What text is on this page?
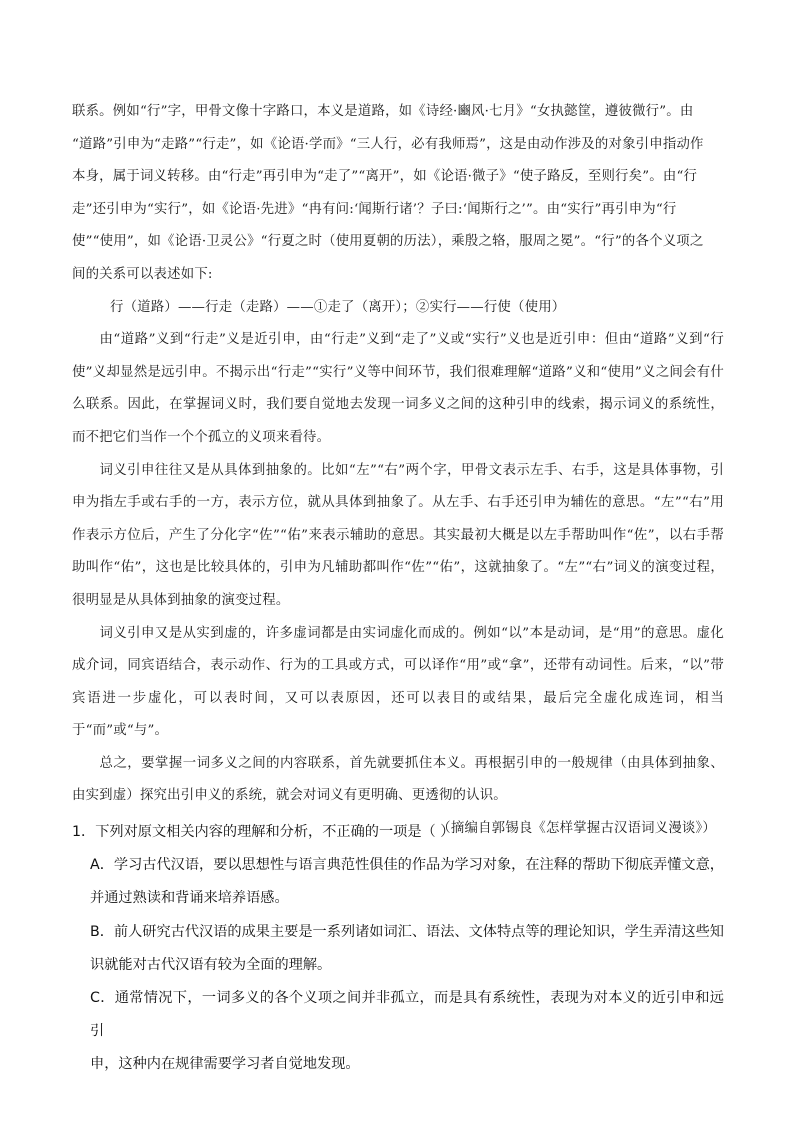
联系。例如“行”字，甲骨文像十字路口，本义是道路，如《诗经·豳风·七月》“女执懿筐，遵彼微行”。由

“道路”引申为“走路”“行走”，如《论语·学而》“三人行，必有我师焉”，这是由动作涉及的对象引申指动作

本身，属于词义转移。由“行走”再引申为“走了”“离开”，如《论语·微子》“使子路反，至则行矣”。由“行

走”还引申为“实行”，如《论语·先进》“冉有问:‘闻斯行诸’？子曰:‘闻斯行之’”。由“实行”再引申为“行

使”“使用”，如《论语·卫灵公》“行夏之时（使用夏朝的历法），乘殷之辂，服周之冕”。“行”的各个义项之

间的关系可以表述如下:

行（道路）——行走（走路）——①走了（离开）；②实行——行使（使用）

由“道路”义到“行走”义是近引申，由“行走”义到“走了”义或“实行”义也是近引申：但由“道路”义到“行使”义却显然是远引申。不揭示出“行走”“实行”义等中间环节，我们很难理解“道路”义和“使用”义之间会有什么联系。因此，在掌握词义时，我们要自觉地去发现一词多义之间的这种引申的线索，揭示词义的系统性，而不把它们当作一个个孤立的义项来看待。

词义引申往往又是从具体到抽象的。比如“左”“右”两个字，甲骨文表示左手、右手，这是具体事物，引申为指左手或右手的一方，表示方位，就从具体到抽象了。从左手、右手还引申为辅佐的意思。“左”“右”用作表示方位后，产生了分化字“佐”“佑”来表示辅助的意思。其实最初大概是以左手帮助叫作“佐”，以右手帮助叫作“佑”，这也是比较具体的，引申为凡辅助都叫作“佐”“佑”，这就抽象了。“左”“右”词义的演变过程，很明显是从具体到抽象的演变过程。

词义引申又是从实到虚的，许多虚词都是由实词虚化而成的。例如“以”本是动词，是“用”的意思。虚化成介词，同宾语结合，表示动作、行为的工具或方式，可以译作“用”或“拿”，还带有动词性。后来，“以”带宾语进一步虚化，可以表时间，又可以表原因，还可以表目的或结果，最后完全虚化成连词，相当于“而”或“与”。

总之，要掌握一词多义之间的内容联系，首先就要抓住本义。再根据引申的一般规律（由具体到抽象、由实到虚）探究出引申义的系统，就会对词义有更明确、更透彻的认识。

（摘编自郭锡良《怎样掌握古汉语词义漫谈》）

1．下列对原文相关内容的理解和分析，不正确的一项是（ ）

A．学习古代汉语，要以思想性与语言典范性俱佳的作品为学习对象，在注释的帮助下彻底弄懂文意，

并通过熟读和背诵来培养语感。

B．前人研究古代汉语的成果主要是一系列诸如词汇、语法、文体特点等的理论知识，学生弄清这些知

识就能对古代汉语有较为全面的理解。

C．通常情况下，一词多义的各个义项之间并非孤立，而是具有系统性，表现为对本义的近引申和远引

申，这种内在规律需要学习者自觉地发现。
